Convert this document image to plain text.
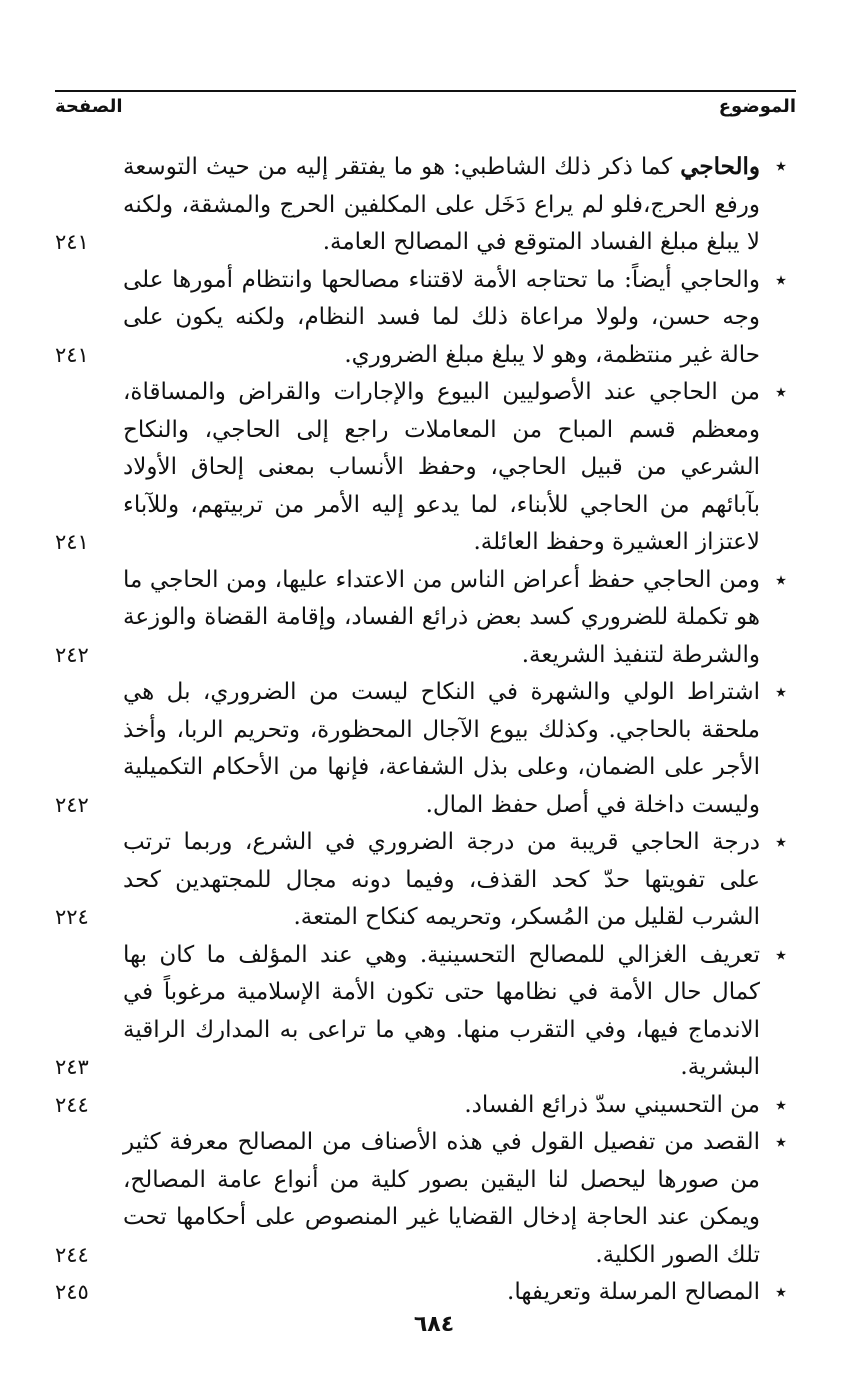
الموضوع
الصفحة
٭
والحاجي كما ذكر ذلك الشاطبي: هو ما يفتقر إليه من حيث التوسعة ورفع الحرج،فلو لم يراع دَخَل على المكلفين الحرج والمشقة، ولكنه لا يبلغ مبلغ الفساد المتوقع في المصالح العامة.
٢٤١
٭
والحاجي أيضاً: ما تحتاجه الأمة لاقتناء مصالحها وانتظام أمورها على وجه حسن، ولولا مراعاة ذلك لما فسد النظام، ولكنه يكون على حالة غير منتظمة، وهو لا يبلغ مبلغ الضروري.
٢٤١
٭
من الحاجي عند الأصوليين البيوع والإجارات والقراض والمساقاة، ومعظم قسم المباح من المعاملات راجع إلى الحاجي، والنكاح الشرعي من قبيل الحاجي، وحفظ الأنساب بمعنى إلحاق الأولاد بآبائهم من الحاجي للأبناء، لما يدعو إليه الأمر من تربيتهم، وللآباء لاعتزاز العشيرة وحفظ العائلة.
٢٤١
٭
ومن الحاجي حفظ أعراض الناس من الاعتداء عليها، ومن الحاجي ما هو تكملة للضروري كسد بعض ذرائع الفساد، وإقامة القضاة والوزعة والشرطة لتنفيذ الشريعة.
٢٤٢
٭
اشتراط الولي والشهرة في النكاح ليست من الضروري، بل هي ملحقة بالحاجي. وكذلك بيوع الآجال المحظورة، وتحريم الربا، وأخذ الأجر على الضمان، وعلى بذل الشفاعة، فإنها من الأحكام التكميلية وليست داخلة في أصل حفظ المال.
٢٤٢
٭
درجة الحاجي قريبة من درجة الضروري في الشرع، وربما ترتب على تفويتها حدّ كحد القذف، وفيما دونه مجال للمجتهدين كحد الشرب لقليل من المُسكر، وتحريمه كنكاح المتعة.
٢٢٤
٭
تعريف الغزالي للمصالح التحسينية. وهي عند المؤلف ما كان بها كمال حال الأمة في نظامها حتى تكون الأمة الإسلامية مرغوباً في الاندماج فيها، وفي التقرب منها. وهي ما تراعى به المدارك الراقية البشرية.
٢٤٣
٭
من التحسيني سدّ ذرائع الفساد.
٢٤٤
٭
القصد من تفصيل القول في هذه الأصناف من المصالح معرفة كثير من صورها ليحصل لنا اليقين بصور كلية من أنواع عامة المصالح، ويمكن عند الحاجة إدخال القضايا غير المنصوص على أحكامها تحت تلك الصور الكلية.
٢٤٤
٭
المصالح المرسلة وتعريفها.
٢٤٥
٦٨٤
